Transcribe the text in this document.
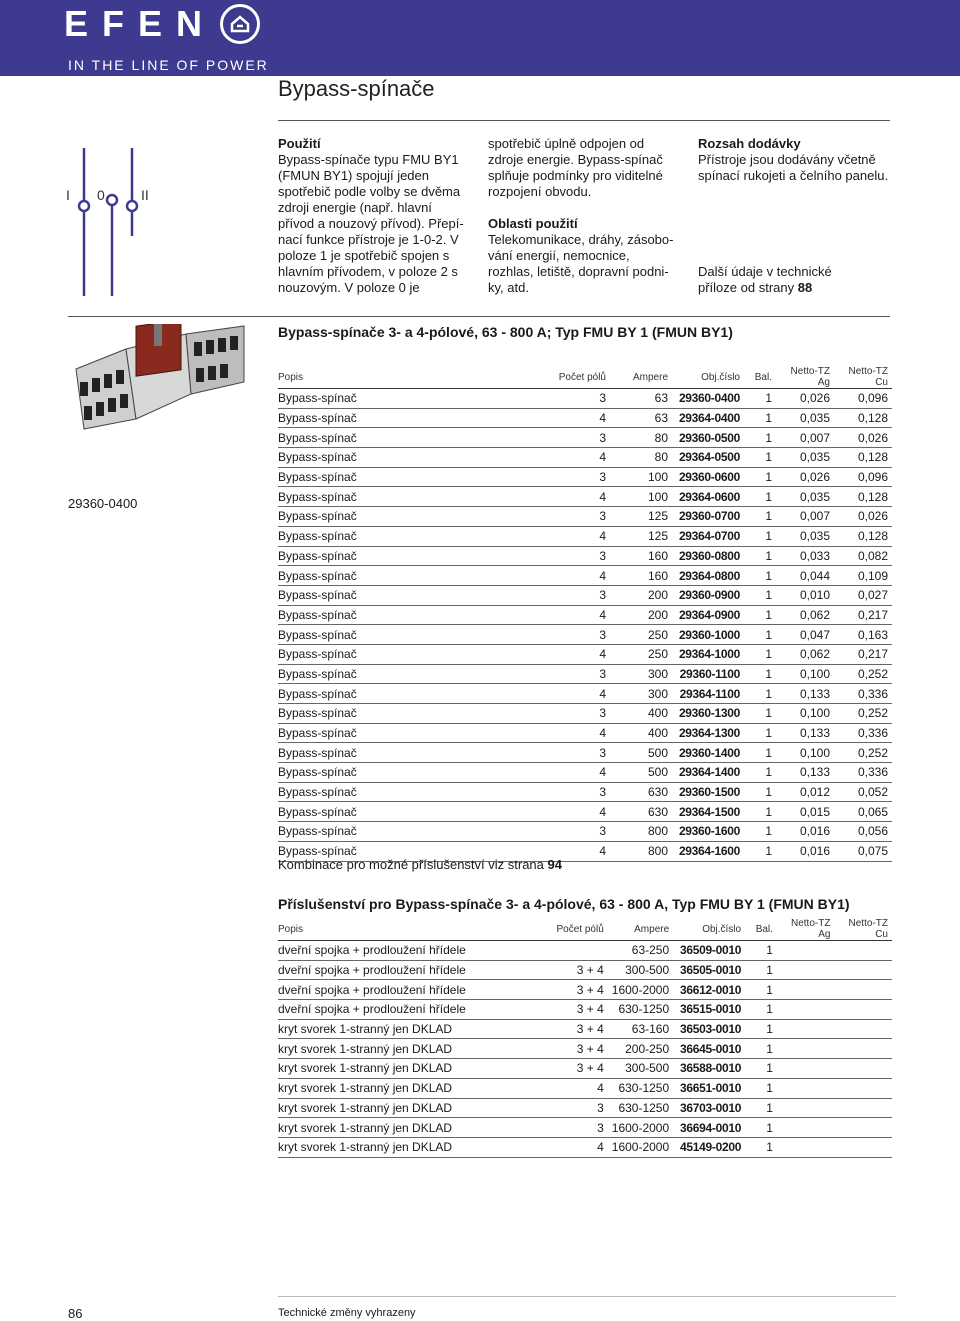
EFEN
IN THE LINE OF POWER
Bypass-spínače
I 0	II
Použití
Bypass-spínače typu FMU BY1
(FMUN BY1) spojují jeden
spotřebič podle volby se dvěma
zdroji energie (např. hlavní
přívod a nouzový přívod). Přepí-
nací funkce přístroje je 1-0-2. V
poloze 1 je spotřebič spojen s
hlavním přívodem, v poloze 2 s
nouzovým. V poloze 0 je
spotřebič úplně odpojen od
zdroje energie. Bypass-spínač
splňuje podmínky pro viditelné
rozpojení obvodu.
Oblasti použití
Telekomunikace, dráhy, zásobo-
vání energií, nemocnice,
rozhlas, letiště, dopravní podni-
ky, atd.
Rozsah dodávky
Přístroje jsou dodávány včetně
spínací rukojeti a čelního panelu.
Další údaje v technické
příloze od strany 88
Bypass-spínače 3- a 4-pólové, 63 - 800 A; Typ FMU BY 1 (FMUN BY1)
29360-0400
Popis	Počet pólů	Ampere	Obj.číslo	Bal.	Netto-TZ Ag	Netto-TZ Cu
Bypass-spínač	3	63	29360-0400	1	0,026	0,096
Bypass-spínač	4	63	29364-0400	1	0,035	0,128
Bypass-spínač	3	80	29360-0500	1	0,007	0,026
Bypass-spínač	4	80	29364-0500	1	0,035	0,128
Bypass-spínač	3	100	29360-0600	1	0,026	0,096
Bypass-spínač	4	100	29364-0600	1	0,035	0,128
Bypass-spínač	3	125	29360-0700	1	0,007	0,026
Bypass-spínač	4	125	29364-0700	1	0,035	0,128
Bypass-spínač	3	160	29360-0800	1	0,033	0,082
Bypass-spínač	4	160	29364-0800	1	0,044	0,109
Bypass-spínač	3	200	29360-0900	1	0,010	0,027
Bypass-spínač	4	200	29364-0900	1	0,062	0,217
Bypass-spínač	3	250	29360-1000	1	0,047	0,163
Bypass-spínač	4	250	29364-1000	1	0,062	0,217
Bypass-spínač	3	300	29360-1100	1	0,100	0,252
Bypass-spínač	4	300	29364-1100	1	0,133	0,336
Bypass-spínač	3	400	29360-1300	1	0,100	0,252
Bypass-spínač	4	400	29364-1300	1	0,133	0,336
Bypass-spínač	3	500	29360-1400	1	0,100	0,252
Bypass-spínač	4	500	29364-1400	1	0,133	0,336
Bypass-spínač	3	630	29360-1500	1	0,012	0,052
Bypass-spínač	4	630	29364-1500	1	0,015	0,065
Bypass-spínač	3	800	29360-1600	1	0,016	0,056
Bypass-spínač	4	800	29364-1600	1	0,016	0,075
Kombinace pro možné příslušenství viz strana 94
Příslušenství pro Bypass-spínače 3- a 4-pólové, 63 - 800 A, Typ FMU BY 1 (FMUN BY1)
Popis	Počet pólů	Ampere	Obj.číslo	Bal.	Netto-TZ Ag	Netto-TZ Cu
dveřní spojka + prodloužení hřídele		63-250	36509-0010	1		
dveřní spojka + prodloužení hřídele	3 + 4	300-500	36505-0010	1		
dveřní spojka + prodloužení hřídele	3 + 4	1600-2000	36612-0010	1		
dveřní spojka + prodloužení hřídele	3 + 4	630-1250	36515-0010	1		
kryt svorek 1-stranný jen DKLAD	3 + 4	63-160	36503-0010	1		
kryt svorek 1-stranný jen DKLAD	3 + 4	200-250	36645-0010	1		
kryt svorek 1-stranný jen DKLAD	3 + 4	300-500	36588-0010	1		
kryt svorek 1-stranný jen DKLAD	4	630-1250	36651-0010	1		
kryt svorek 1-stranný jen DKLAD	3	630-1250	36703-0010	1		
kryt svorek 1-stranný jen DKLAD	3	1600-2000	36694-0010	1		
kryt svorek 1-stranný jen DKLAD	4	1600-2000	45149-0200	1		
86	Technické změny vyhrazeny
